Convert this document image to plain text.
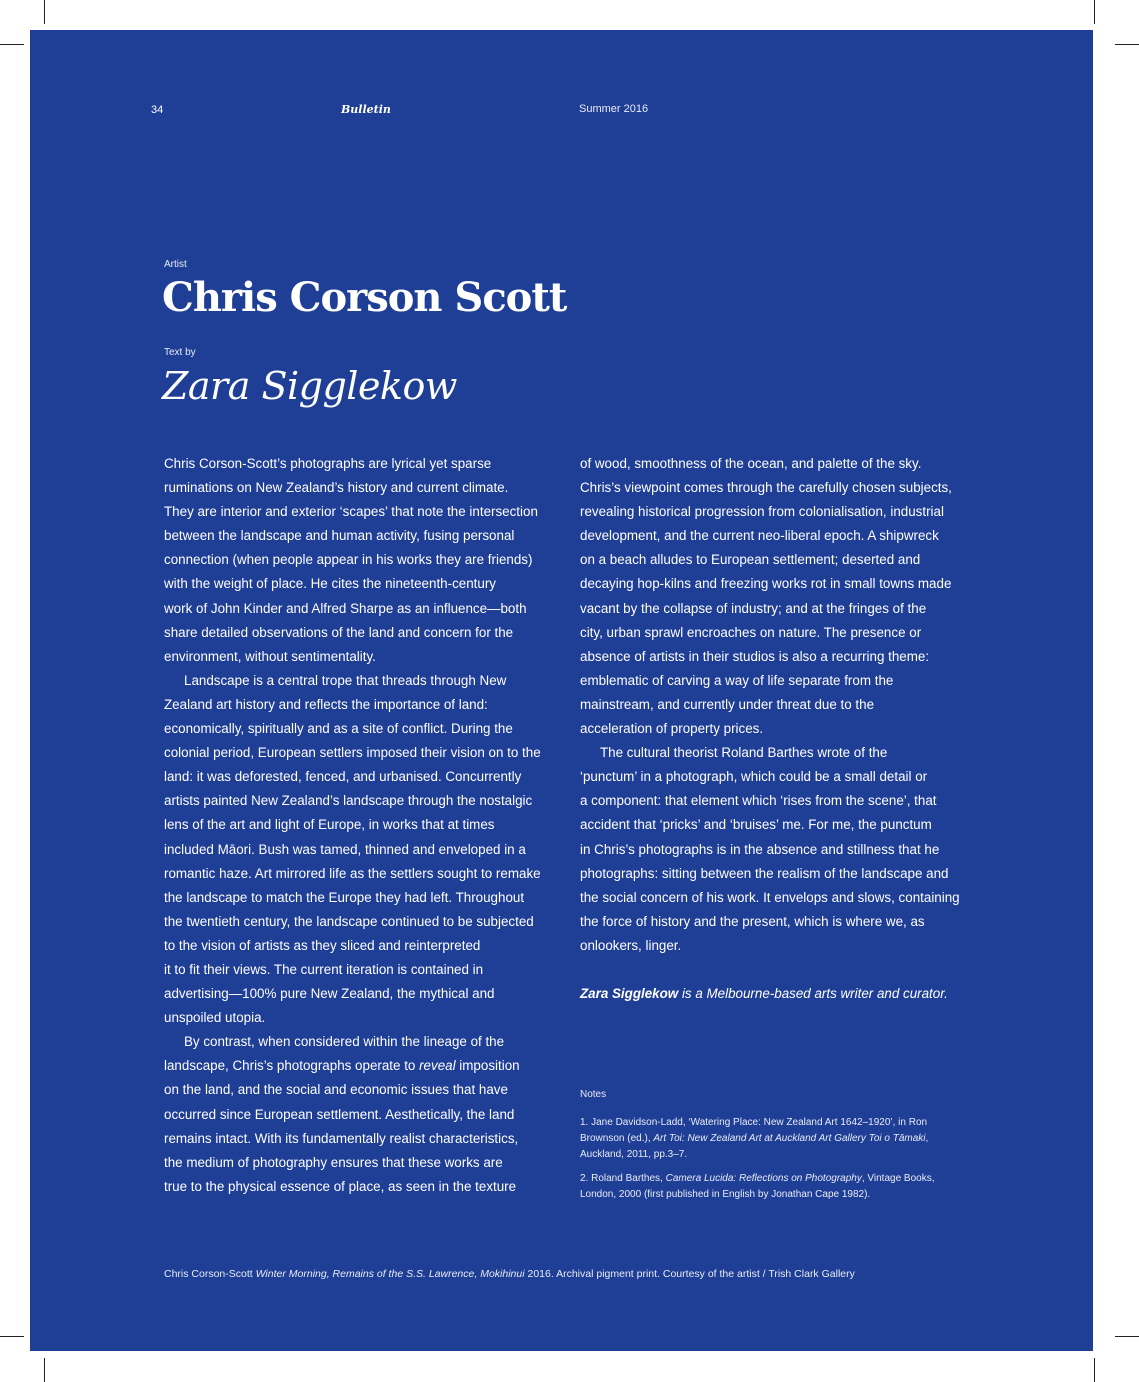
34	Bulletin	Summer 2016
Artist
Chris Corson Scott
Text by
Zara Sigglekow
Chris Corson-Scott’s photographs are lyrical yet sparse
ruminations on New Zealand’s history and current climate.
They are interior and exterior ‘scapes’ that note the intersection
between the landscape and human activity, fusing personal
connection (when people appear in his works they are friends)
with the weight of place. He cites the nineteenth-century
work of John Kinder and Alfred Sharpe as an influence—both
share detailed observations of the land and concern for the
environment, without sentimentality.
Landscape is a central trope that threads through New
Zealand art history and reflects the importance of land:
economically, spiritually and as a site of conflict. During the
colonial period, European settlers imposed their vision on to the
land: it was deforested, fenced, and urbanised. Concurrently
artists painted New Zealand’s landscape through the nostalgic
lens of the art and light of Europe, in works that at times
included Māori. Bush was tamed, thinned and enveloped in a
romantic haze. Art mirrored life as the settlers sought to remake
the landscape to match the Europe they had left. Throughout
the twentieth century, the landscape continued to be subjected
to the vision of artists as they sliced and reinterpreted
it to fit their views. The current iteration is contained in
advertising—100% pure New Zealand, the mythical and
unspoiled utopia.
By contrast, when considered within the lineage of the
landscape, Chris’s photographs operate to reveal imposition
on the land, and the social and economic issues that have
occurred since European settlement. Aesthetically, the land
remains intact. With its fundamentally realist characteristics,
the medium of photography ensures that these works are
true to the physical essence of place, as seen in the texture
of wood, smoothness of the ocean, and palette of the sky.
Chris’s viewpoint comes through the carefully chosen subjects,
revealing historical progression from colonialisation, industrial
development, and the current neo-liberal epoch. A shipwreck
on a beach alludes to European settlement; deserted and
decaying hop-kilns and freezing works rot in small towns made
vacant by the collapse of industry; and at the fringes of the
city, urban sprawl encroaches on nature. The presence or
absence of artists in their studios is also a recurring theme:
emblematic of carving a way of life separate from the
mainstream, and currently under threat due to the
acceleration of property prices.
The cultural theorist Roland Barthes wrote of the
‘punctum’ in a photograph, which could be a small detail or
a component: that element which ‘rises from the scene’, that
accident that ‘pricks’ and ‘bruises’ me. For me, the punctum
in Chris’s photographs is in the absence and stillness that he
photographs: sitting between the realism of the landscape and
the social concern of his work. It envelops and slows, containing
the force of history and the present, which is where we, as
onlookers, linger.
Zara Sigglekow is a Melbourne-based arts writer and curator.
Notes
1. Jane Davidson-Ladd, ‘Watering Place: New Zealand Art 1642–1920’, in Ron
Brownson (ed.), Art Toi: New Zealand Art at Auckland Art Gallery Toi o Tāmaki,
Auckland, 2011, pp.3–7.
2. Roland Barthes, Camera Lucida: Reflections on Photography, Vintage Books,
London, 2000 (first published in English by Jonathan Cape 1982).
Chris Corson-Scott Winter Morning, Remains of the S.S. Lawrence, Mokihinui 2016. Archival pigment print. Courtesy of the artist / Trish Clark Gallery
